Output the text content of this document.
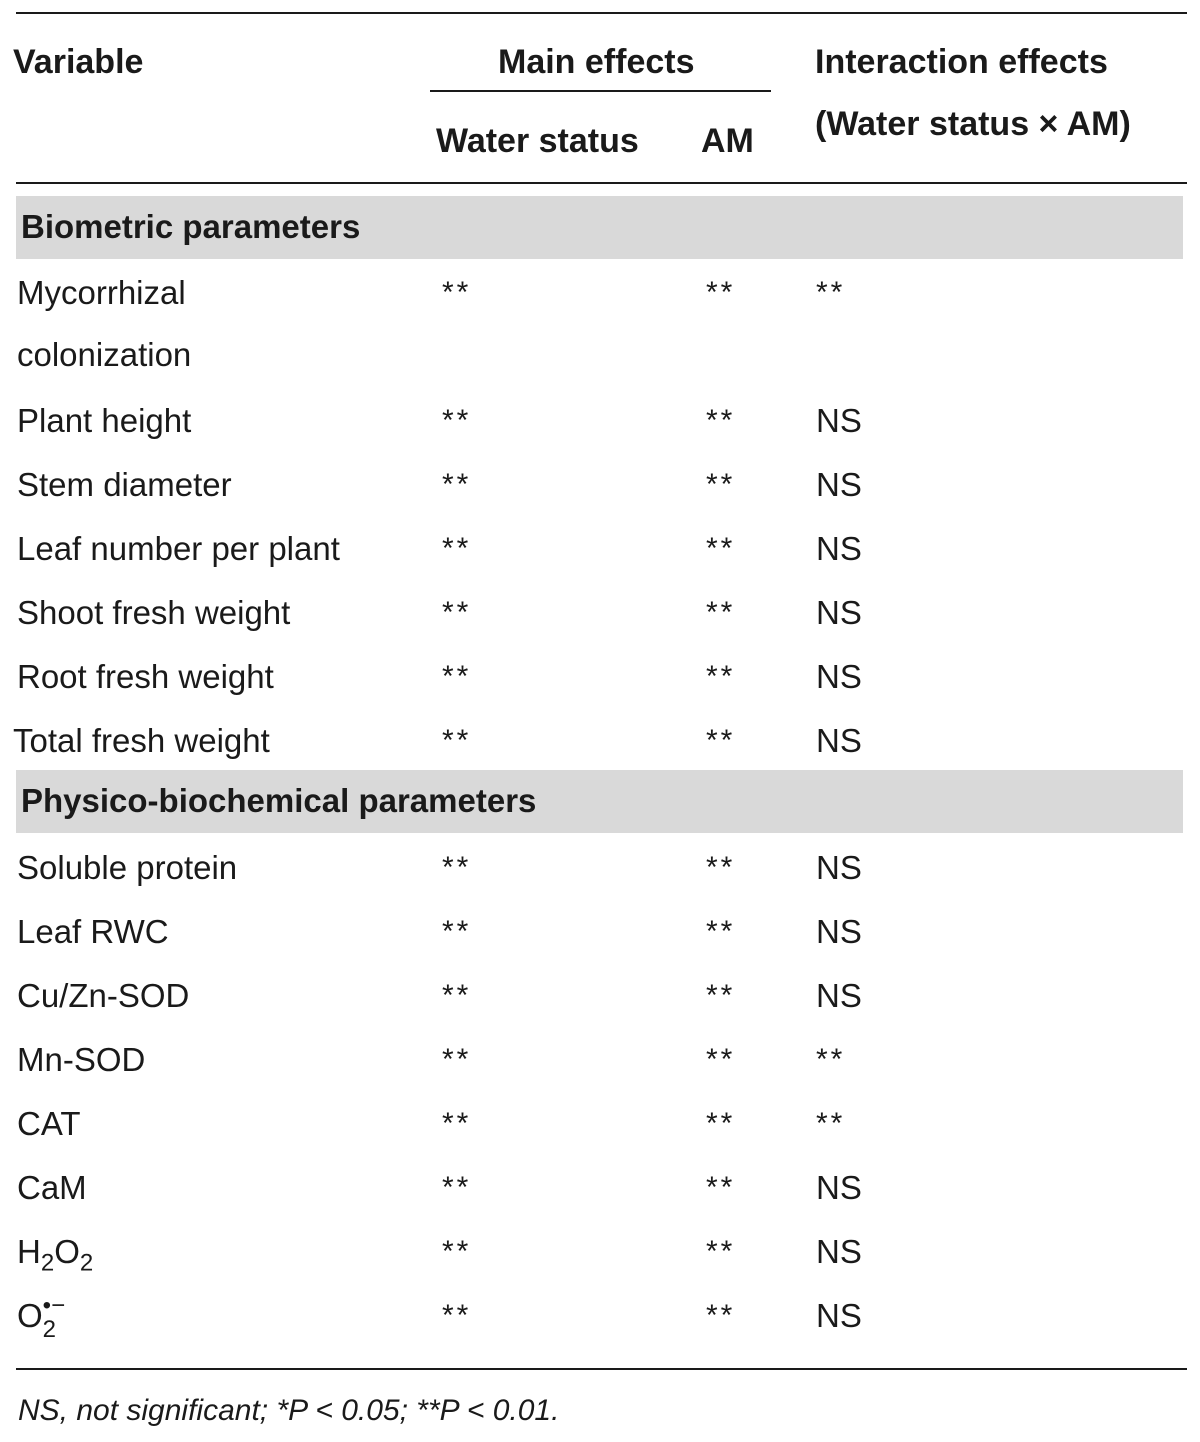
Variable	Main effects
Water status AM
Interaction effects
(Water status × AM)
Biometric parameters
Mycorrhizal
colonization
**	**	**
Plant height	**	** NS
Stem diameter	**	** NS
Leaf number per plant	**	** NS
Shoot fresh weight	**	** NS
Root fresh weight	**	** NS
Total fresh weight	**	** NS
Physico-biochemical parameters
Soluble protein	**	** NS
Leaf RWC	**	** NS
Cu/Zn-SOD	**	** NS
Mn-SOD	**	**	**
CAT	**	**	**
CaM	**	** NS
$H_2O_2$	**	** NS
O •−
2	**	** NS
NS, not significant; *P < 0.05; **P < 0.01.
